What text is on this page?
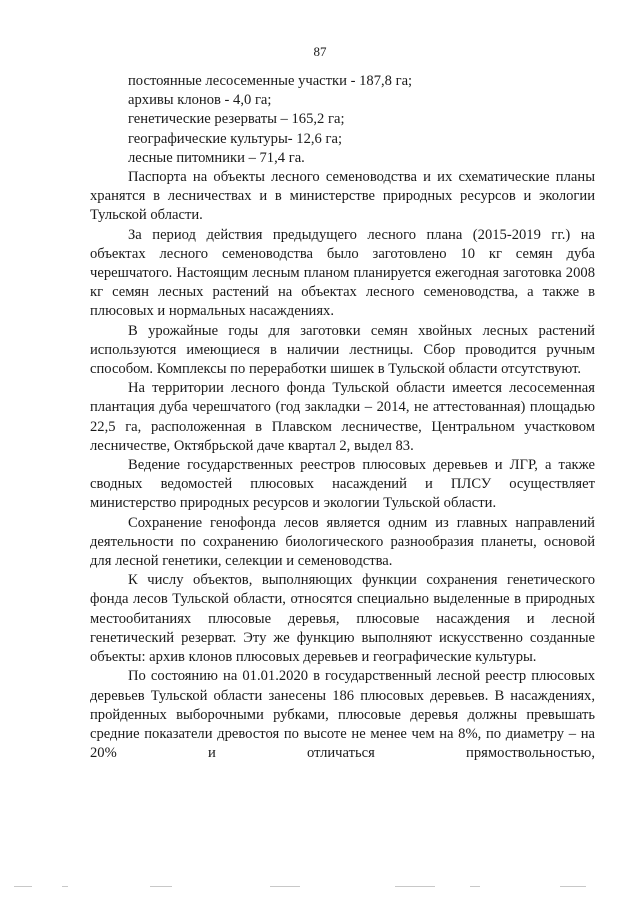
87

постоянные лесосеменные участки - 187,8 га;

архивы клонов - 4,0 га;

генетические резерваты – 165,2 га;

географические культуры- 12,6 га;

лесные питомники – 71,4 га.

Паспорта на объекты лесного семеноводства и их схематические планы хранятся в лесничествах и в министерстве природных ресурсов и экологии Тульской области.

За период действия предыдущего лесного плана (2015-2019 гг.) на объектах лесного семеноводства было заготовлено 10 кг семян дуба черешчатого. Настоящим лесным планом планируется ежегодная заготовка 2008 кг семян лесных растений на объектах лесного семеноводства, а также в плюсовых и нормальных насаждениях.

В урожайные годы для заготовки семян хвойных лесных растений используются имеющиеся в наличии лестницы. Сбор проводится ручным способом. Комплексы по переработки шишек в Тульской области отсутствуют.

На территории лесного фонда Тульской области имеется лесосеменная плантация дуба черешчатого (год закладки – 2014, не аттестованная) площадью 22,5 га, расположенная в Плавском лесничестве, Центральном участковом лесничестве, Октябрьской даче квартал 2, выдел 83.

Ведение государственных реестров плюсовых деревьев и ЛГР, а также сводных ведомостей плюсовых насаждений и ПЛСУ осуществляет министерство природных ресурсов и экологии Тульской области.

Сохранение генофонда лесов является одним из главных направлений деятельности по сохранению биологического разнообразия планеты, основой для лесной генетики, селекции и семеноводства.

К числу объектов, выполняющих функции сохранения генетического фонда лесов Тульской области, относятся специально выделенные в природных местообитаниях плюсовые деревья, плюсовые насаждения и лесной генетический резерват. Эту же функцию выполняют искусственно созданные объекты: архив клонов плюсовых деревьев и географические культуры.

По состоянию на 01.01.2020 в государственный лесной реестр плюсовых деревьев Тульской области занесены 186 плюсовых деревьев. В насаждениях, пройденных выборочными рубками, плюсовые деревья должны превышать средние показатели древостоя по высоте не менее чем на 8%, по диаметру – на 20% и отличаться прямоствольностью,
